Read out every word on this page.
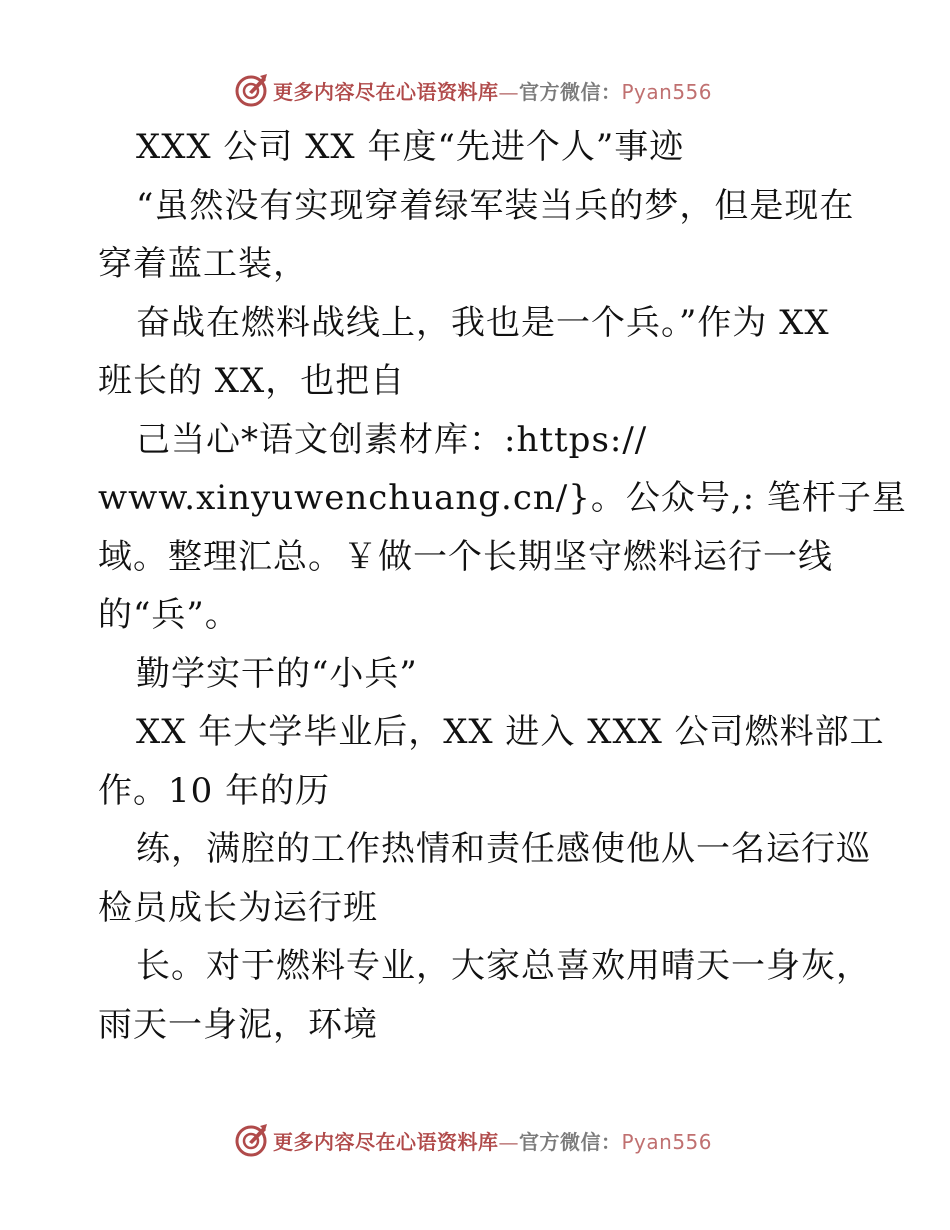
更多内容尽在心语资料库—官方微信：Pyan556
XXX 公司 XX 年度“先进个人”事迹
“虽然没有实现穿着绿军装当兵的梦，但是现在
穿着蓝工装，
奋战在燃料战线上，我也是一个兵。”作为 XX
班长的 XX，也把自
己当心*语文创素材库：:https://
www.xinyuwenchuang.cn/}。公众号,: 笔杆子星
域。整理汇总。￥做一个长期坚守燃料运行一线
的“兵”。
勤学实干的“小兵”
XX 年大学毕业后，XX 进入 XXX 公司燃料部工
作。10 年的历
练，满腔的工作热情和责任感使他从一名运行巡
检员成长为运行班
长。对于燃料专业，大家总喜欢用晴天一身灰，
雨天一身泥，环境
更多内容尽在心语资料库—官方微信：Pyan556
